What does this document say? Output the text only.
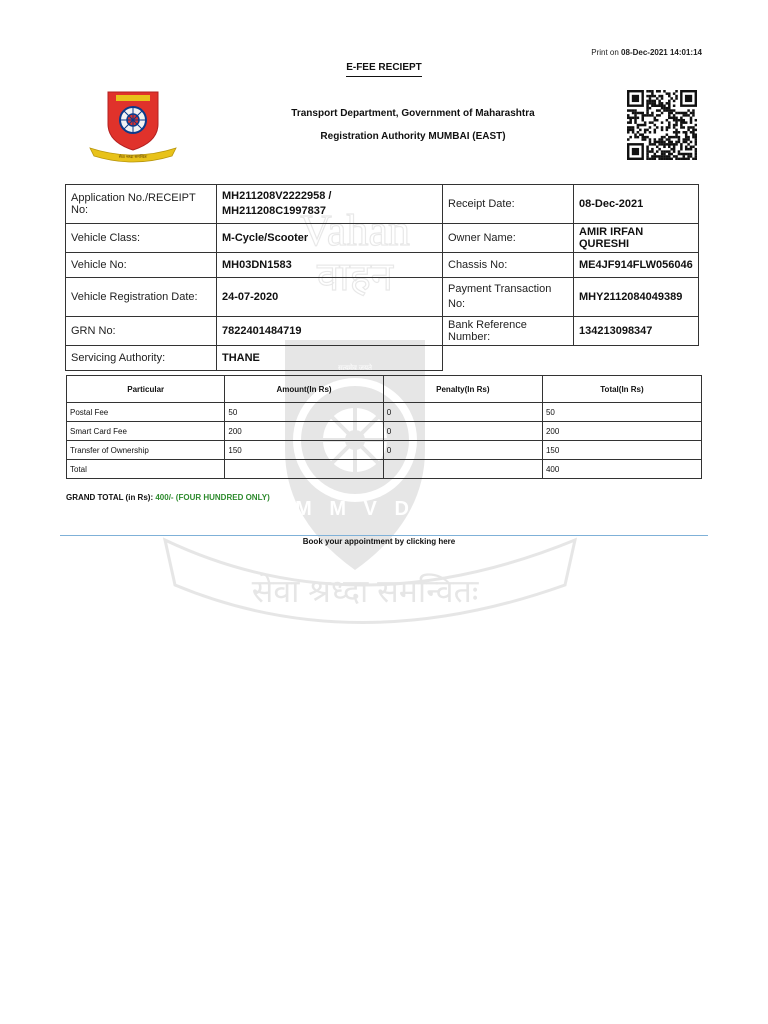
Print on 08-Dec-2021 14:01:14
E-FEE RECIEPT
सेवा श्रध्दा समन्वितः
Transport Department, Government of Maharashtra
Registration Authority MUMBAI (EAST)
Vahan
वाहन
सत्यमेव जयते
M M V D
सेवा श्रध्दा समन्वितः
Application No./RECEIPT No:	MH211208V2222958 /
MH211208C1997837	Receipt Date:	08-Dec-2021
Vehicle Class:	M-Cycle/Scooter	Owner Name:	AMIR IRFAN QURESHI
Vehicle No:	MH03DN1583	Chassis No:	ME4JF914FLW056046
Vehicle Registration Date:	24-07-2020	Payment Transaction
No:	MHY2112084049389
GRN No:	7822401484719	Bank Reference Number:	134213098347
Servicing Authority:	THANE		
Particular	Amount(In Rs)	Penalty(In Rs)	Total(In Rs)
Postal Fee	50	0	50
Smart Card Fee	200	0	200
Transfer of Ownership	150	0	150
Total			400
GRAND TOTAL (in Rs): 400/- (FOUR HUNDRED ONLY)
Book your appointment by clicking here
